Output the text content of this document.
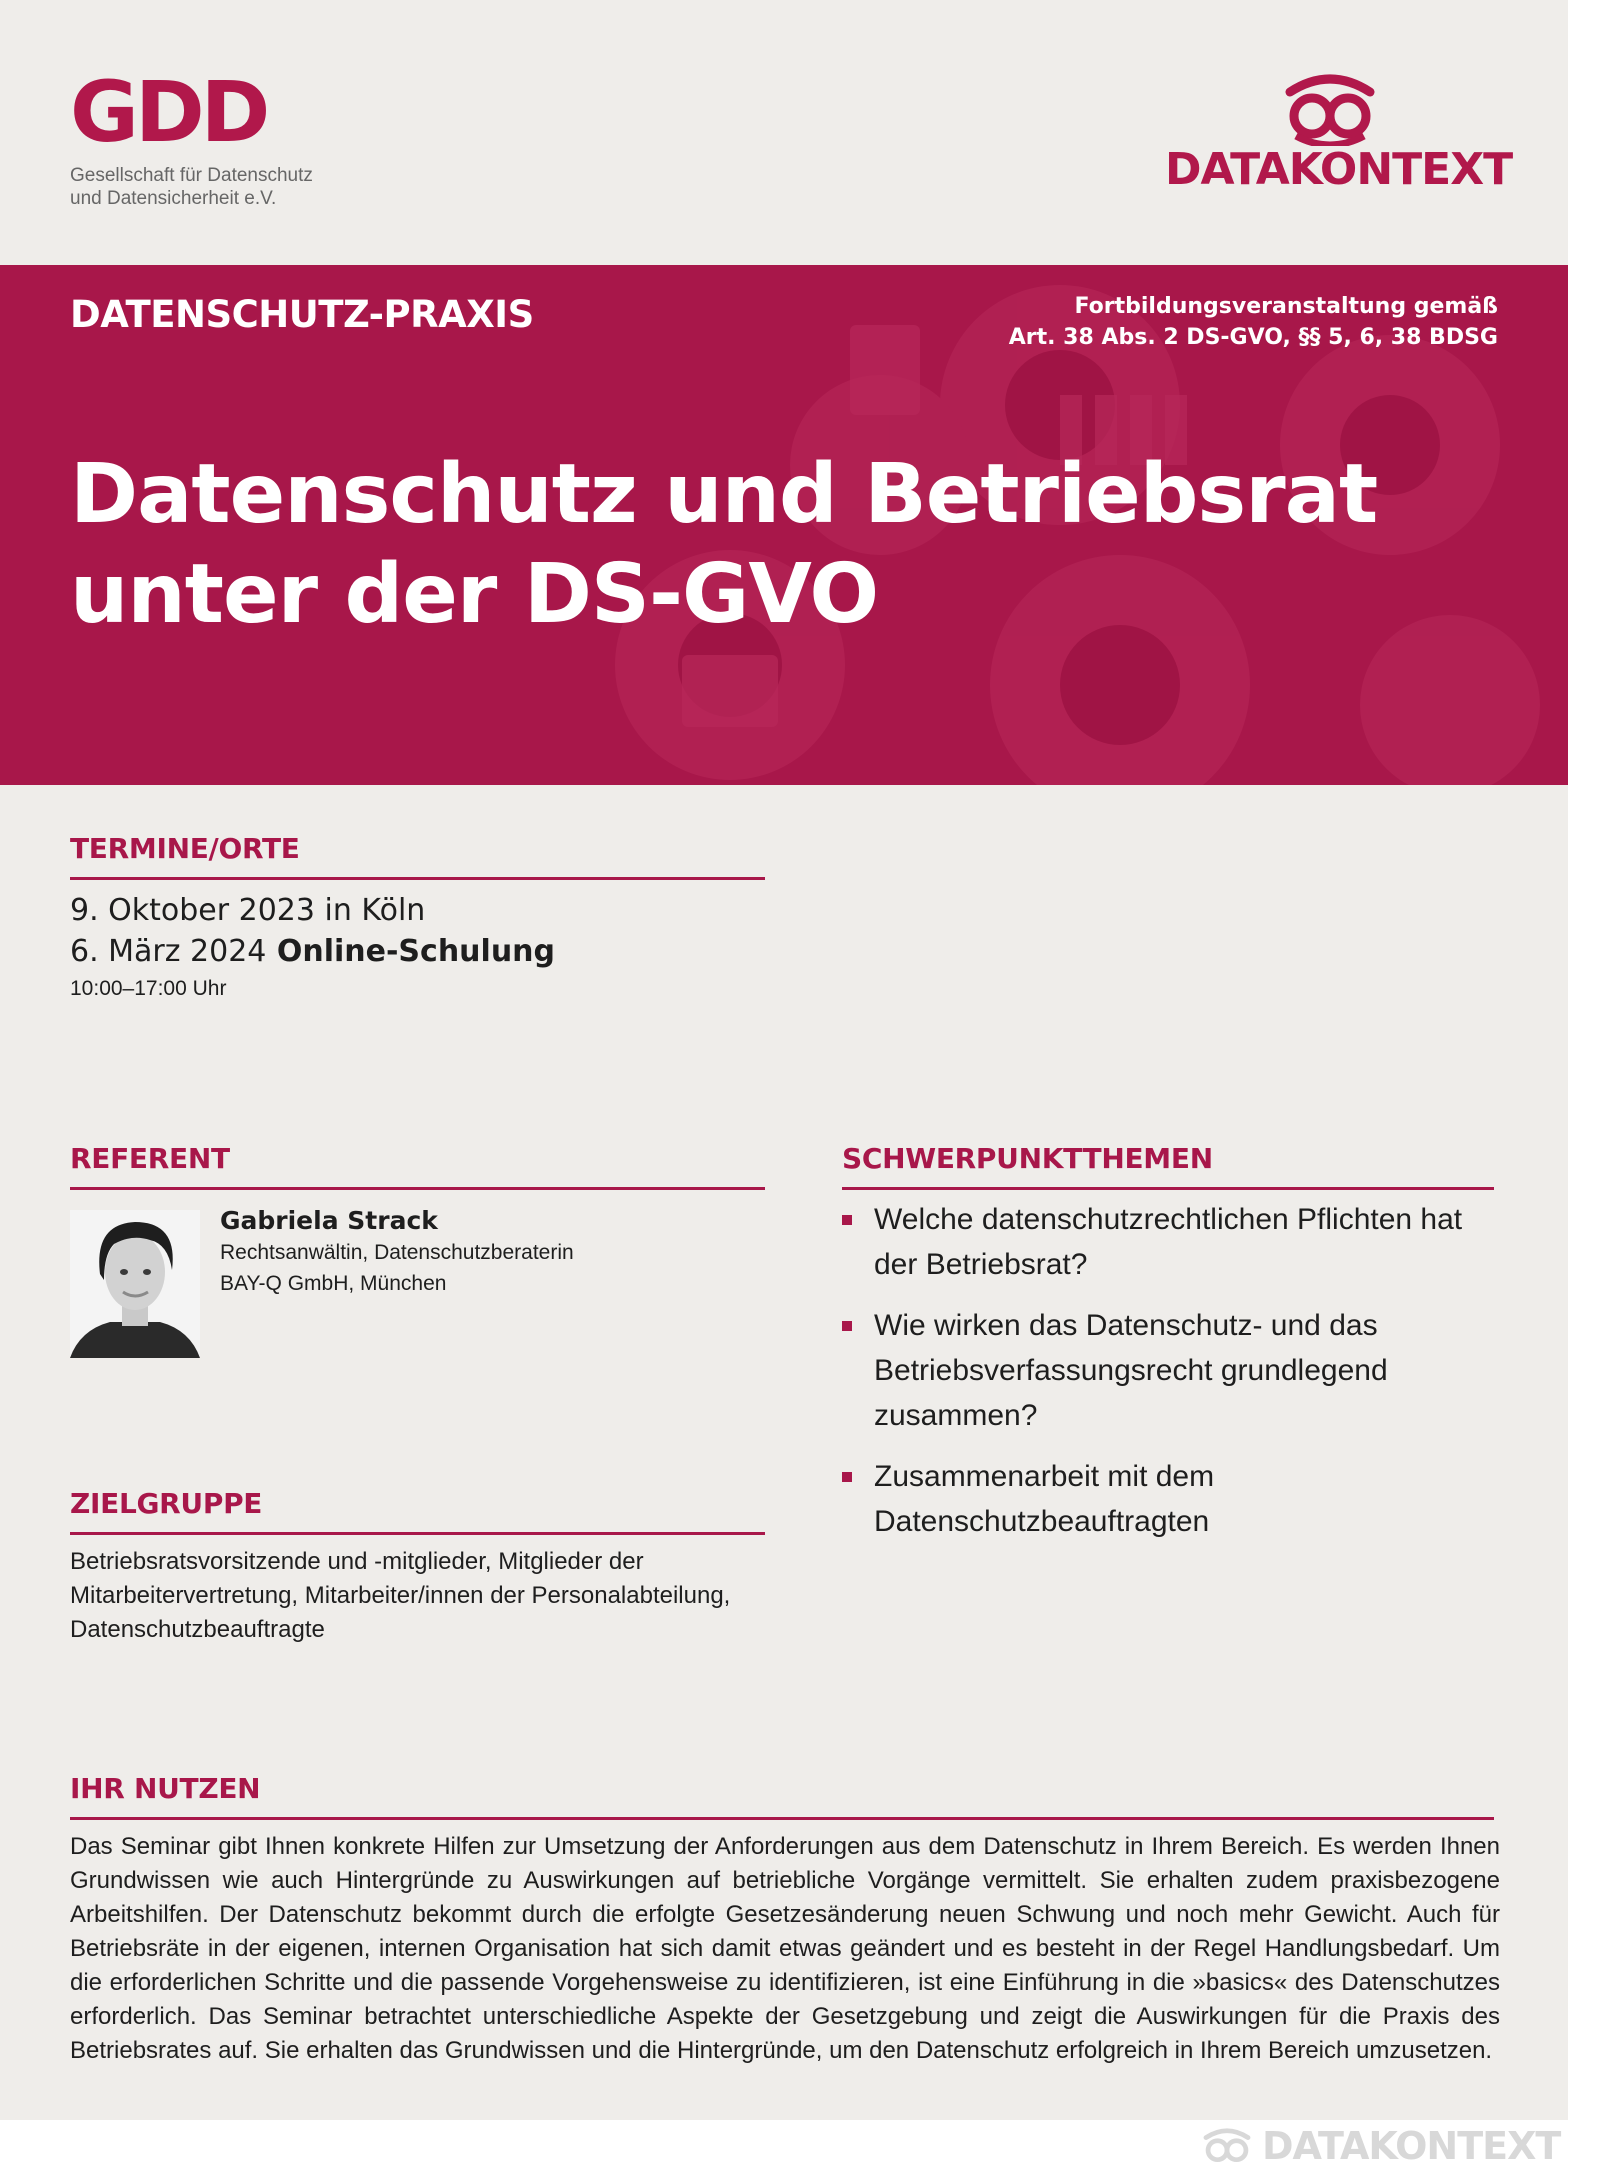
GDD
Gesellschaft für Datenschutz
und Datensicherheit e.V.
DATAKONTEXT
DATENSCHUTZ-PRAXIS	Fortbildungsveranstaltung gemäß
Art. 38 Abs. 2 DS-GVO, §§ 5, 6, 38 BDSG
Datenschutz und Betriebsrat
unter der DS-GVO
TERMINE/ORTE
9. Oktober 2023 in Köln
6. März 2024 Online-Schulung
10:00–17:00 Uhr
REFERENT
Gabriela Strack
Rechtsanwältin, Datenschutzberaterin
BAY-Q GmbH, München
ZIELGRUPPE
Betriebsratsvorsitzende und -mitglieder, Mitglieder der Mitarbeitervertretung, Mitarbeiter/innen der Personalabteilung, Datenschutzbeauftragte
SCHWERPUNKTTHEMEN
Welche datenschutzrechtlichen Pflichten hat der Betriebsrat?
Wie wirken das Datenschutz- und das Betriebsverfassungsrecht grundlegend zusammen?
Zusammenarbeit mit dem Datenschutzbeauftragten
IHR NUTZEN
Das Seminar gibt Ihnen konkrete Hilfen zur Umsetzung der Anforderungen aus dem Datenschutz in Ihrem Bereich. Es werden Ihnen Grundwissen wie auch Hintergründe zu Auswirkungen auf betriebliche Vorgänge vermittelt. Sie erhalten zudem praxisbezogene Arbeitshilfen. Der Datenschutz bekommt durch die erfolgte Gesetzesänderung neuen Schwung und noch mehr Gewicht. Auch für Betriebsräte in der eigenen, internen Organisation hat sich damit etwas geändert und es besteht in der Regel Handlungsbedarf. Um die erforderlichen Schritte und die passende Vorgehensweise zu identifizieren, ist eine Einführung in die »basics« des Datenschutzes erforderlich. Das Seminar betrachtet unterschiedliche Aspekte der Gesetzgebung und zeigt die Auswirkungen für die Praxis des Betriebsrates auf. Sie erhalten das Grundwissen und die Hintergründe, um den Datenschutz erfolgreich in Ihrem Bereich umzusetzen.
DATAKONTEXT
